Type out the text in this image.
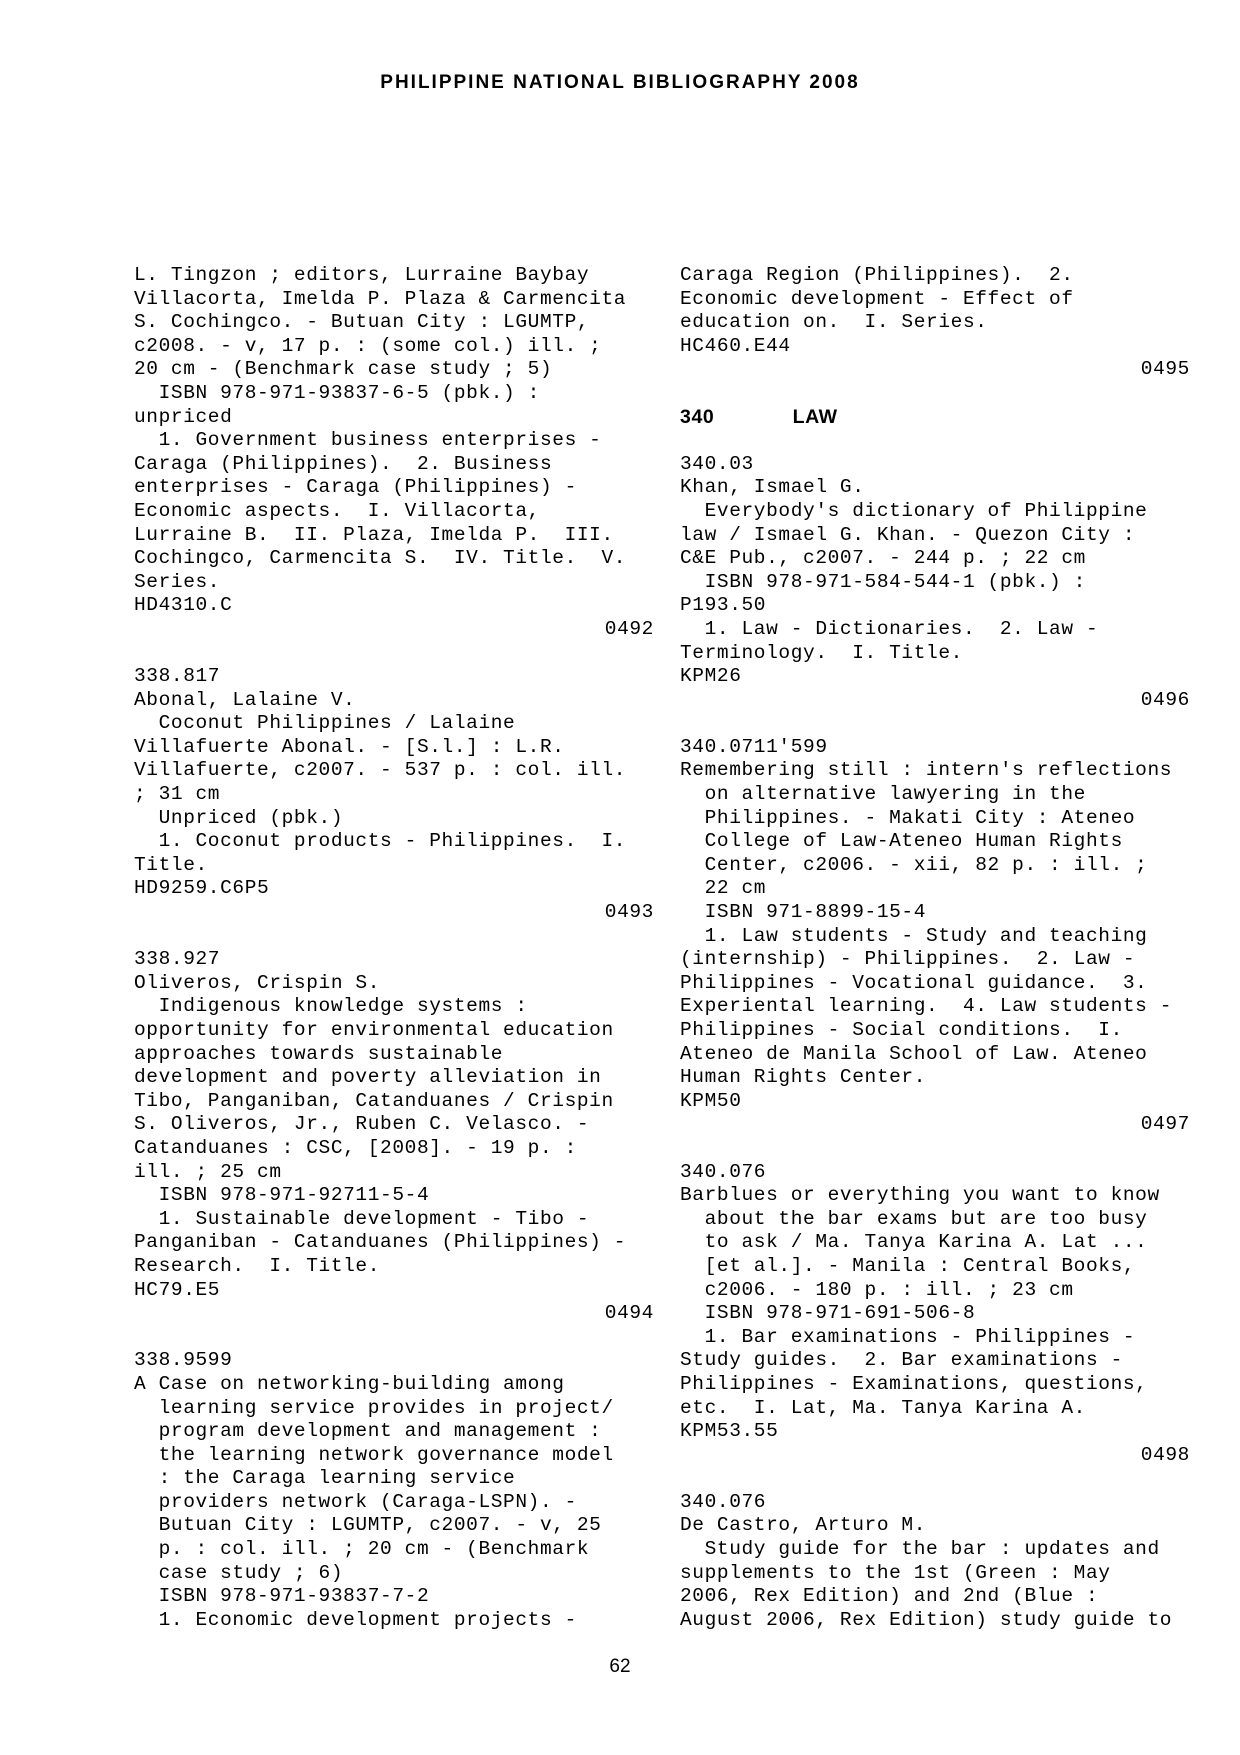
PHILIPPINE NATIONAL BIBLIOGRAPHY 2008
L. Tingzon ; editors, Lurraine Baybay
Villacorta, Imelda P. Plaza & Carmencita
S. Cochingco. - Butuan City : LGUMTP,
c2008. - v, 17 p. : (some col.) ill. ;
20 cm - (Benchmark case study ; 5)
ISBN 978-971-93837-6-5 (pbk.) :
unpriced
1. Government business enterprises -
Caraga (Philippines).  2. Business
enterprises - Caraga (Philippines) -
Economic aspects.  I. Villacorta,
Lurraine B.  II. Plaza, Imelda P.  III.
Cochingco, Carmencita S.  IV. Title.  V.
Series.
HD4310.C
0492
338.817
Abonal, Lalaine V.
Coconut Philippines / Lalaine
Villafuerte Abonal. - [S.l.] : L.R.
Villafuerte, c2007. - 537 p. : col. ill.
; 31 cm
Unpriced (pbk.)
1. Coconut products - Philippines.  I.
Title.
HD9259.C6P5
0493
338.927
Oliveros, Crispin S.
Indigenous knowledge systems :
opportunity for environmental education
approaches towards sustainable
development and poverty alleviation in
Tibo, Panganiban, Catanduanes / Crispin
S. Oliveros, Jr., Ruben C. Velasco. -
Catanduanes : CSC, [2008]. - 19 p. :
ill. ; 25 cm
ISBN 978-971-92711-5-4
1. Sustainable development - Tibo -
Panganiban - Catanduanes (Philippines) -
Research.  I. Title.
HC79.E5
0494
338.9599
A Case on networking-building among
learning service provides in project/
program development and management :
the learning network governance model
: the Caraga learning service
providers network (Caraga-LSPN). -
Butuan City : LGUMTP, c2007. - v, 25
p. : col. ill. ; 20 cm - (Benchmark
case study ; 6)
ISBN 978-971-93837-7-2
1. Economic development projects -
Caraga Region (Philippines).  2.
Economic development - Effect of
education on.  I. Series.
HC460.E44
0495
340             LAW
340.03
Khan, Ismael G.
Everybody's dictionary of Philippine
law / Ismael G. Khan. - Quezon City :
C&E Pub., c2007. - 244 p. ; 22 cm
ISBN 978-971-584-544-1 (pbk.) :
P193.50
1. Law - Dictionaries.  2. Law -
Terminology.  I. Title.
KPM26
0496
340.0711'599
Remembering still : intern's reflections
on alternative lawyering in the
Philippines. - Makati City : Ateneo
College of Law-Ateneo Human Rights
Center, c2006. - xii, 82 p. : ill. ;
22 cm
ISBN 971-8899-15-4
1. Law students - Study and teaching
(internship) - Philippines.  2. Law -
Philippines - Vocational guidance.  3.
Experiental learning.  4. Law students -
Philippines - Social conditions.  I.
Ateneo de Manila School of Law. Ateneo
Human Rights Center.
KPM50
0497
340.076
Barblues or everything you want to know
about the bar exams but are too busy
to ask / Ma. Tanya Karina A. Lat ...
[et al.]. - Manila : Central Books,
c2006. - 180 p. : ill. ; 23 cm
ISBN 978-971-691-506-8
1. Bar examinations - Philippines -
Study guides.  2. Bar examinations -
Philippines - Examinations, questions,
etc.  I. Lat, Ma. Tanya Karina A.
KPM53.55
0498
340.076
De Castro, Arturo M.
Study guide for the bar : updates and
supplements to the 1st (Green : May
2006, Rex Edition) and 2nd (Blue :
August 2006, Rex Edition) study guide to
62
